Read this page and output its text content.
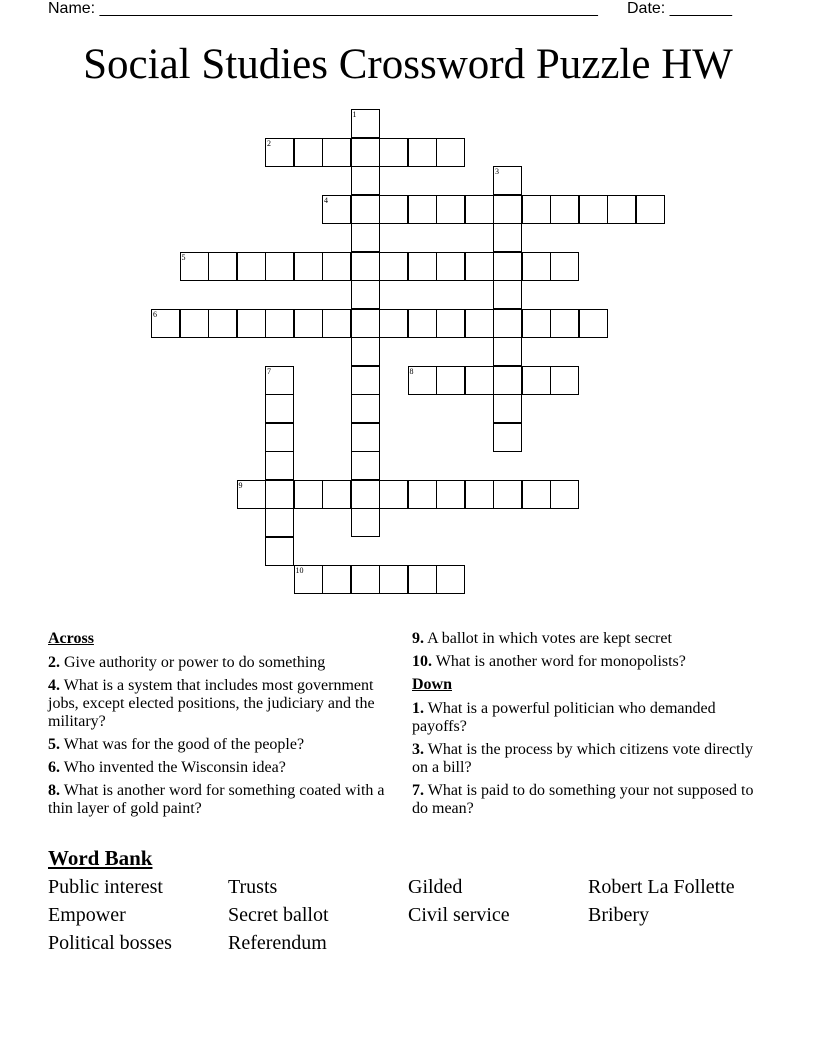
Name: ________________________________________________________ Date: _______
Social Studies Crossword Puzzle HW
1
2
3
4
5
6
7	8
9
10
Across
2. Give authority or power to do something
4. What is a system that includes most government jobs, except elected positions, the judiciary and the military?
5. What was for the good of the people?
6. Who invented the Wisconsin idea?
8. What is another word for something coated with a thin layer of gold paint?
9. A ballot in which votes are kept secret
10. What is another word for monopolists?
Down
1. What is a powerful politician who demanded payoffs?
3. What is the process by which citizens vote directly on a bill?
7. What is paid to do something your not supposed to do mean?
Word Bank
Public interest	Trusts	Gilded	Robert La Follette
Empower	Secret ballot	Civil service	Bribery
Political bosses	Referendum
